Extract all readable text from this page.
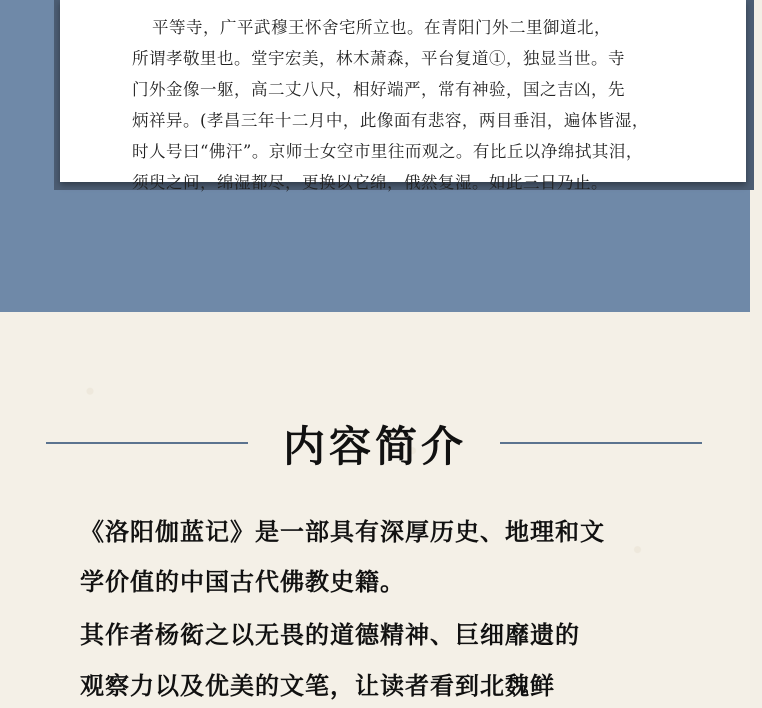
平等寺，广平武穆王怀舍宅所立也。在青阳门外二里御道北，
所谓孝敬里也。堂宇宏美，林木萧森，平台复道①，独显当世。寺
门外金像一躯，高二丈八尺，相好端严，常有神验，国之吉凶，先
炳祥异。(孝昌三年十二月中，此像面有悲容，两目垂泪，遍体皆湿，
时人号曰“佛汗”。京师士女空市里往而观之。有比丘以净绵拭其泪，
须臾之间，绵湿都尽，更换以它绵，俄然复湿。如此三日乃止。
内容简介
《洛阳伽蓝记》是一部具有深厚历史、地理和文
学价值的中国古代佛教史籍。
其作者杨衒之以无畏的道德精神、巨细靡遗的
观察力以及优美的文笔，让读者看到北魏鲜
